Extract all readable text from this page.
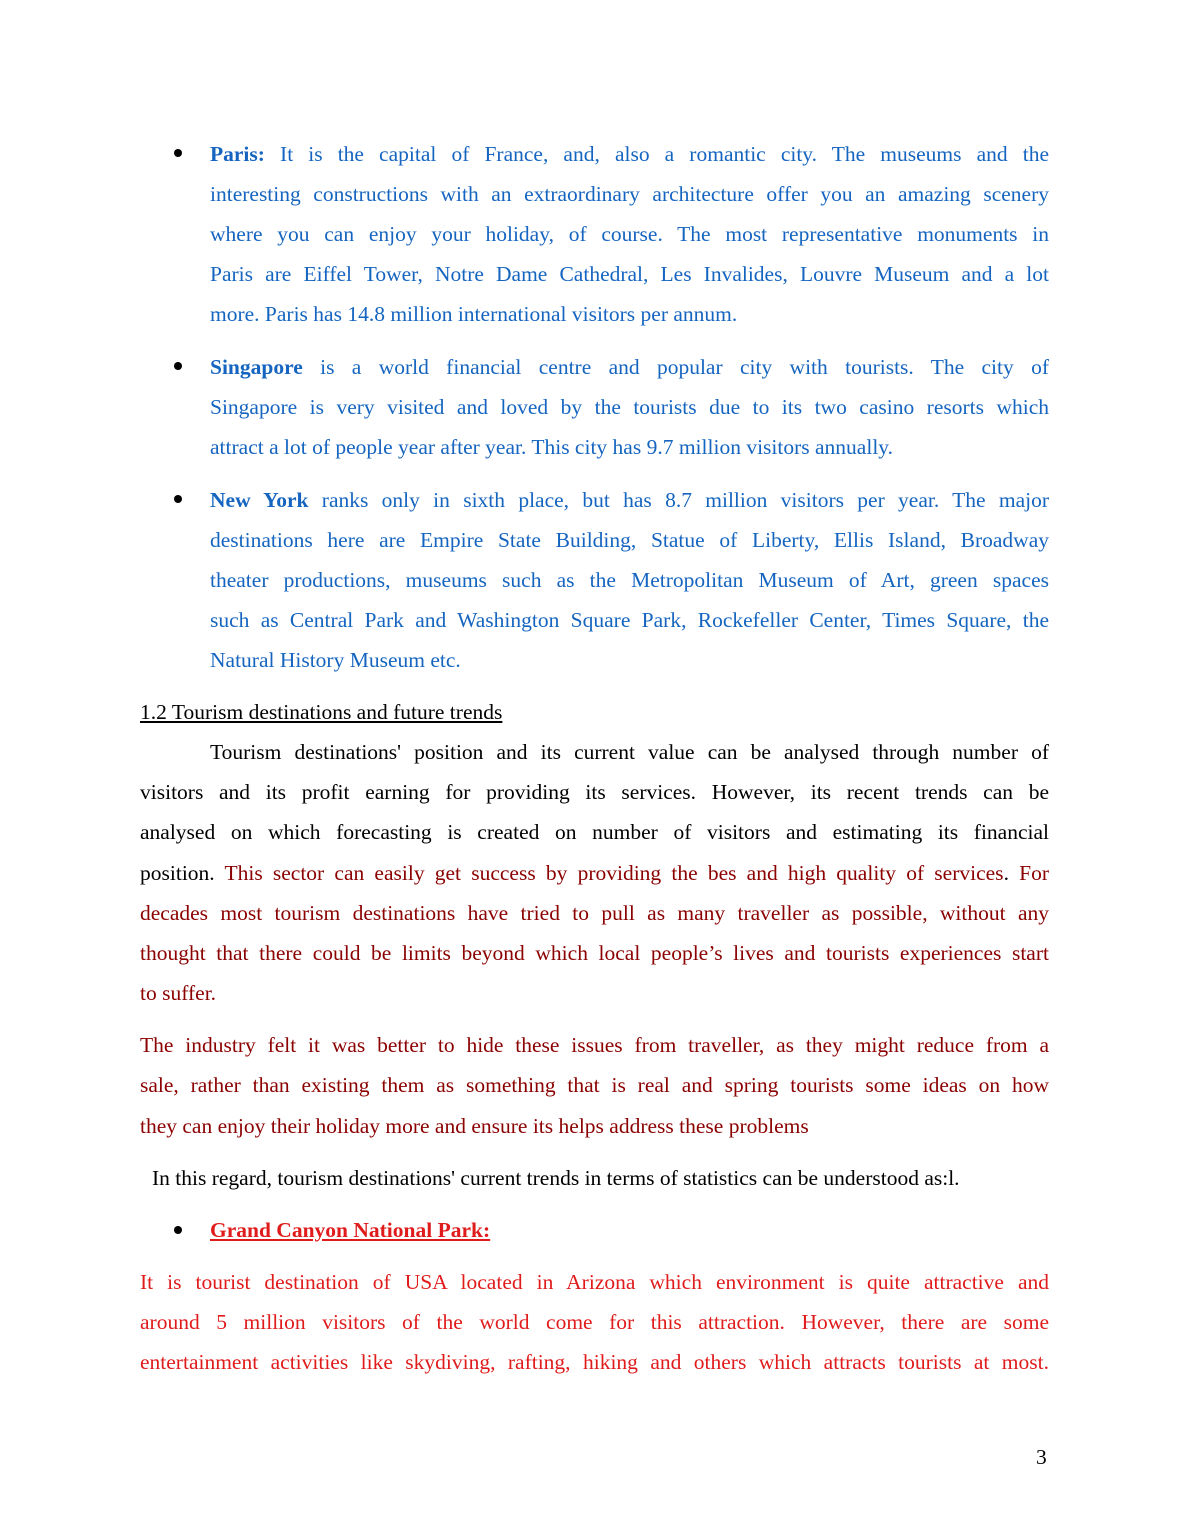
Paris: It is the capital of France, and, also a romantic city. The museums and the
interesting constructions with an extraordinary architecture offer you an amazing scenery
where you can enjoy your holiday, of course. The most representative monuments in
Paris are Eiffel Tower, Notre Dame Cathedral, Les Invalides, Louvre Museum and a lot
more. Paris has 14.8 million international visitors per annum.
Singapore is a world financial centre and popular city with tourists. The city of
Singapore is very visited and loved by the tourists due to its two casino resorts which
attract a lot of people year after year. This city has 9.7 million visitors annually.
New York ranks only in sixth place, but has 8.7 million visitors per year. The major
destinations here are Empire State Building, Statue of Liberty, Ellis Island, Broadway
theater productions, museums such as the Metropolitan Museum of Art, green spaces
such as Central Park and Washington Square Park, Rockefeller Center, Times Square, the
Natural History Museum etc.
1.2 Tourism destinations and future trends
Tourism destinations' position and its current value can be analysed through number of
visitors and its profit earning for providing its services. However, its recent trends can be
analysed on which forecasting is created on number of visitors and estimating its financial
position. This sector can easily get success by providing the bes and high quality of services. For
decades most tourism destinations have tried to pull as many traveller as possible, without any
thought that there could be limits beyond which local people’s lives and tourists experiences start
to suffer.
The industry felt it was better to hide these issues from traveller, as they might reduce from a
sale, rather than existing them as something that is real and spring tourists some ideas on how
they can enjoy their holiday more and ensure its helps address these problems
In this regard, tourism destinations' current trends in terms of statistics can be understood as:l.
Grand Canyon National Park:
It is tourist destination of USA located in Arizona which environment is quite attractive and
around 5 million visitors of the world come for this attraction. However, there are some
entertainment activities like skydiving, rafting, hiking and others which attracts tourists at most.
3
